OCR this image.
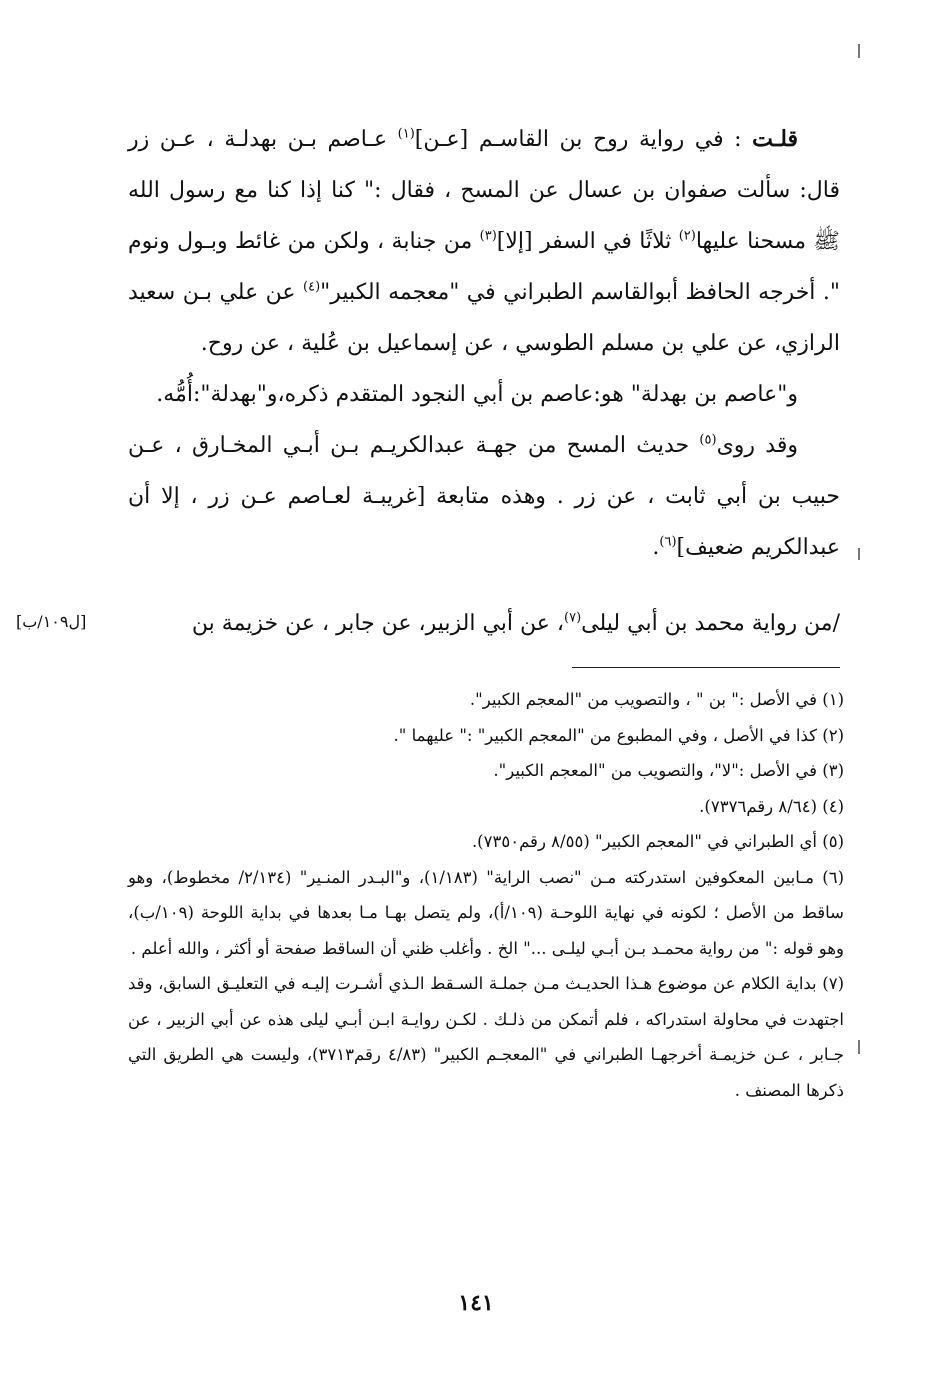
قلـت : في رواية روح بن القاسـم [عـن]$^{(١)}$ عـاصم بـن بهدلـة ، عـن زر قال: سألت صفوان بن عسال عن المسح ، فقال :" كنا إذا كنا مع رسول الله ﷺ مسحنا عليها$^{(٢)}$ ثلاثًا في السفر [إلا]$^{(٣)}$ من جنابة ، ولكن من غائط وبـول ونوم ". أخرجه الحافظ أبوالقاسم الطبراني في "معجمه الكبير"$^{(٤)}$ عن علي بـن سعيد الرازي، عن علي بن مسلم الطوسي ، عن إسماعيل بن عُلية ، عن روح.

و"عاصم بن بهدلة" هو:عاصم بن أبي النجود المتقدم ذكره،و"بهدلة":أُمُّه.

وقد روى$^{(٥)}$ حديث المسح من جهـة عبدالكريـم بـن أبـي المخـارق ، عـن حبيب بن أبي ثابت ، عن زر . وهذه متابعة [غريبـة لعـاصم عـن زر ، إلا أن عبدالكريم ضعيف]$^{(٦)}$.

/من رواية محمد بن أبي ليلى$^{(٧)}$، عن أبي الزبير، عن جابر ، عن خزيمة بن
[ل١٠٩/ب]

(١) في الأصل :" بن " ، والتصويب من "المعجم الكبير".

(٢) كذا في الأصل ، وفي المطبوع من "المعجم الكبير" :" عليهما ".

(٣) في الأصل :"لا"، والتصويب من "المعجم الكبير".

(٤) (٨/٦٤ رقم٧٣٧٦).

(٥) أي الطبراني في "المعجم الكبير" (٨/٥٥ رقم٧٣٥٠).

(٦) مـابين المعكوفين استدركته مـن "نصب الراية" (١/١٨٣)، و"البـدر المنـير" (٢/١٣٤/ مخطوط)، وهو ساقط من الأصل ؛ لكونه في نهاية اللوحـة (١٠٩/أ)، ولم يتصل بهـا مـا بعدها في بداية اللوحة (١٠٩/ب)، وهو قوله :" من رواية محمـد بـن أبـي ليلـى ..." الخ . وأغلب ظني أن الساقط صفحة أو أكثر ، والله أعلم .

(٧) بداية الكلام عن موضوع هـذا الحديـث مـن جملـة السـقط الـذي أشـرت إليـه في التعليـق السابق، وقد اجتهدت في محاولة استدراكه ، فلم أتمكن من ذلـك . لكـن روايـة ابـن أبـي ليلى هذه عن أبي الزبير ، عن جـابر ، عـن خزيمـة أخرجهـا الطبراني في "المعجـم الكبير" (٤/٨٣ رقم٣٧١٣)، وليست هي الطريق التي ذكرها المصنف .

١٤١
